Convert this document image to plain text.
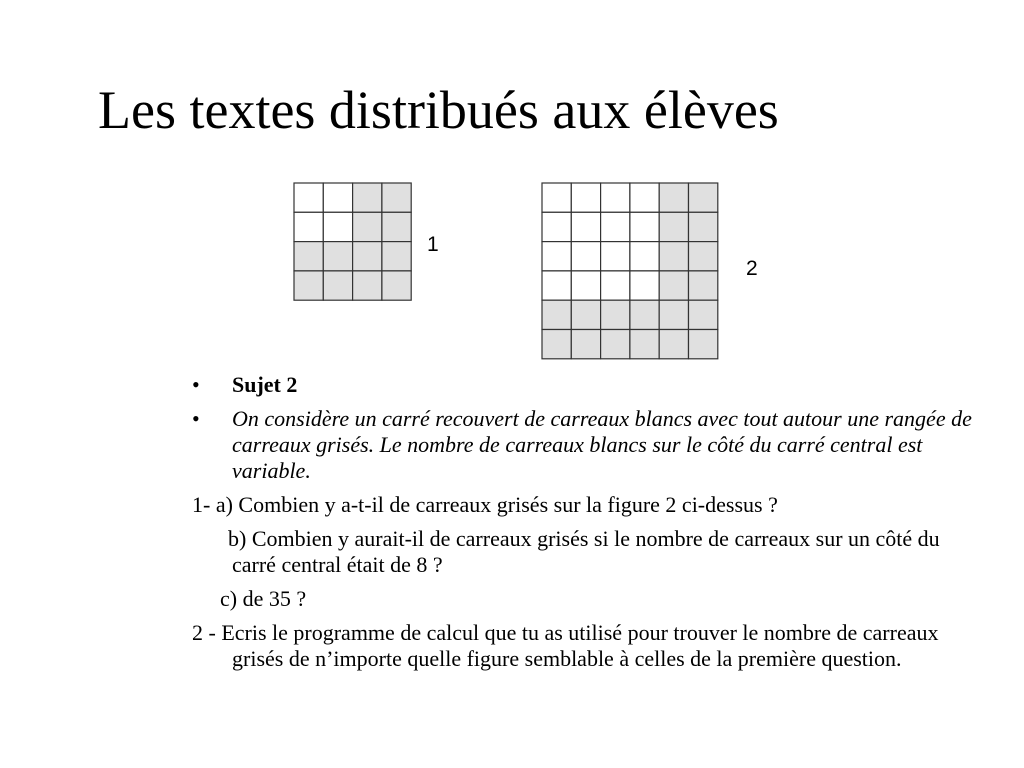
Les textes distribués aux élèves
1
2
• Sujet 2
• On considère un carré recouvert de carreaux blancs avec tout autour une rangée de carreaux grisés. Le nombre de carreaux blancs sur le côté du carré central est variable.
1- a) Combien y a-t-il de carreaux grisés sur la figure 2 ci-dessus ?
b) Combien y aurait-il de carreaux grisés si le nombre de carreaux sur un côté du carré central était de 8 ?
c) de 35 ?
2 - Ecris le programme de calcul que tu as utilisé pour trouver le nombre de carreaux grisés de n’importe quelle figure semblable à celles de la première question.
